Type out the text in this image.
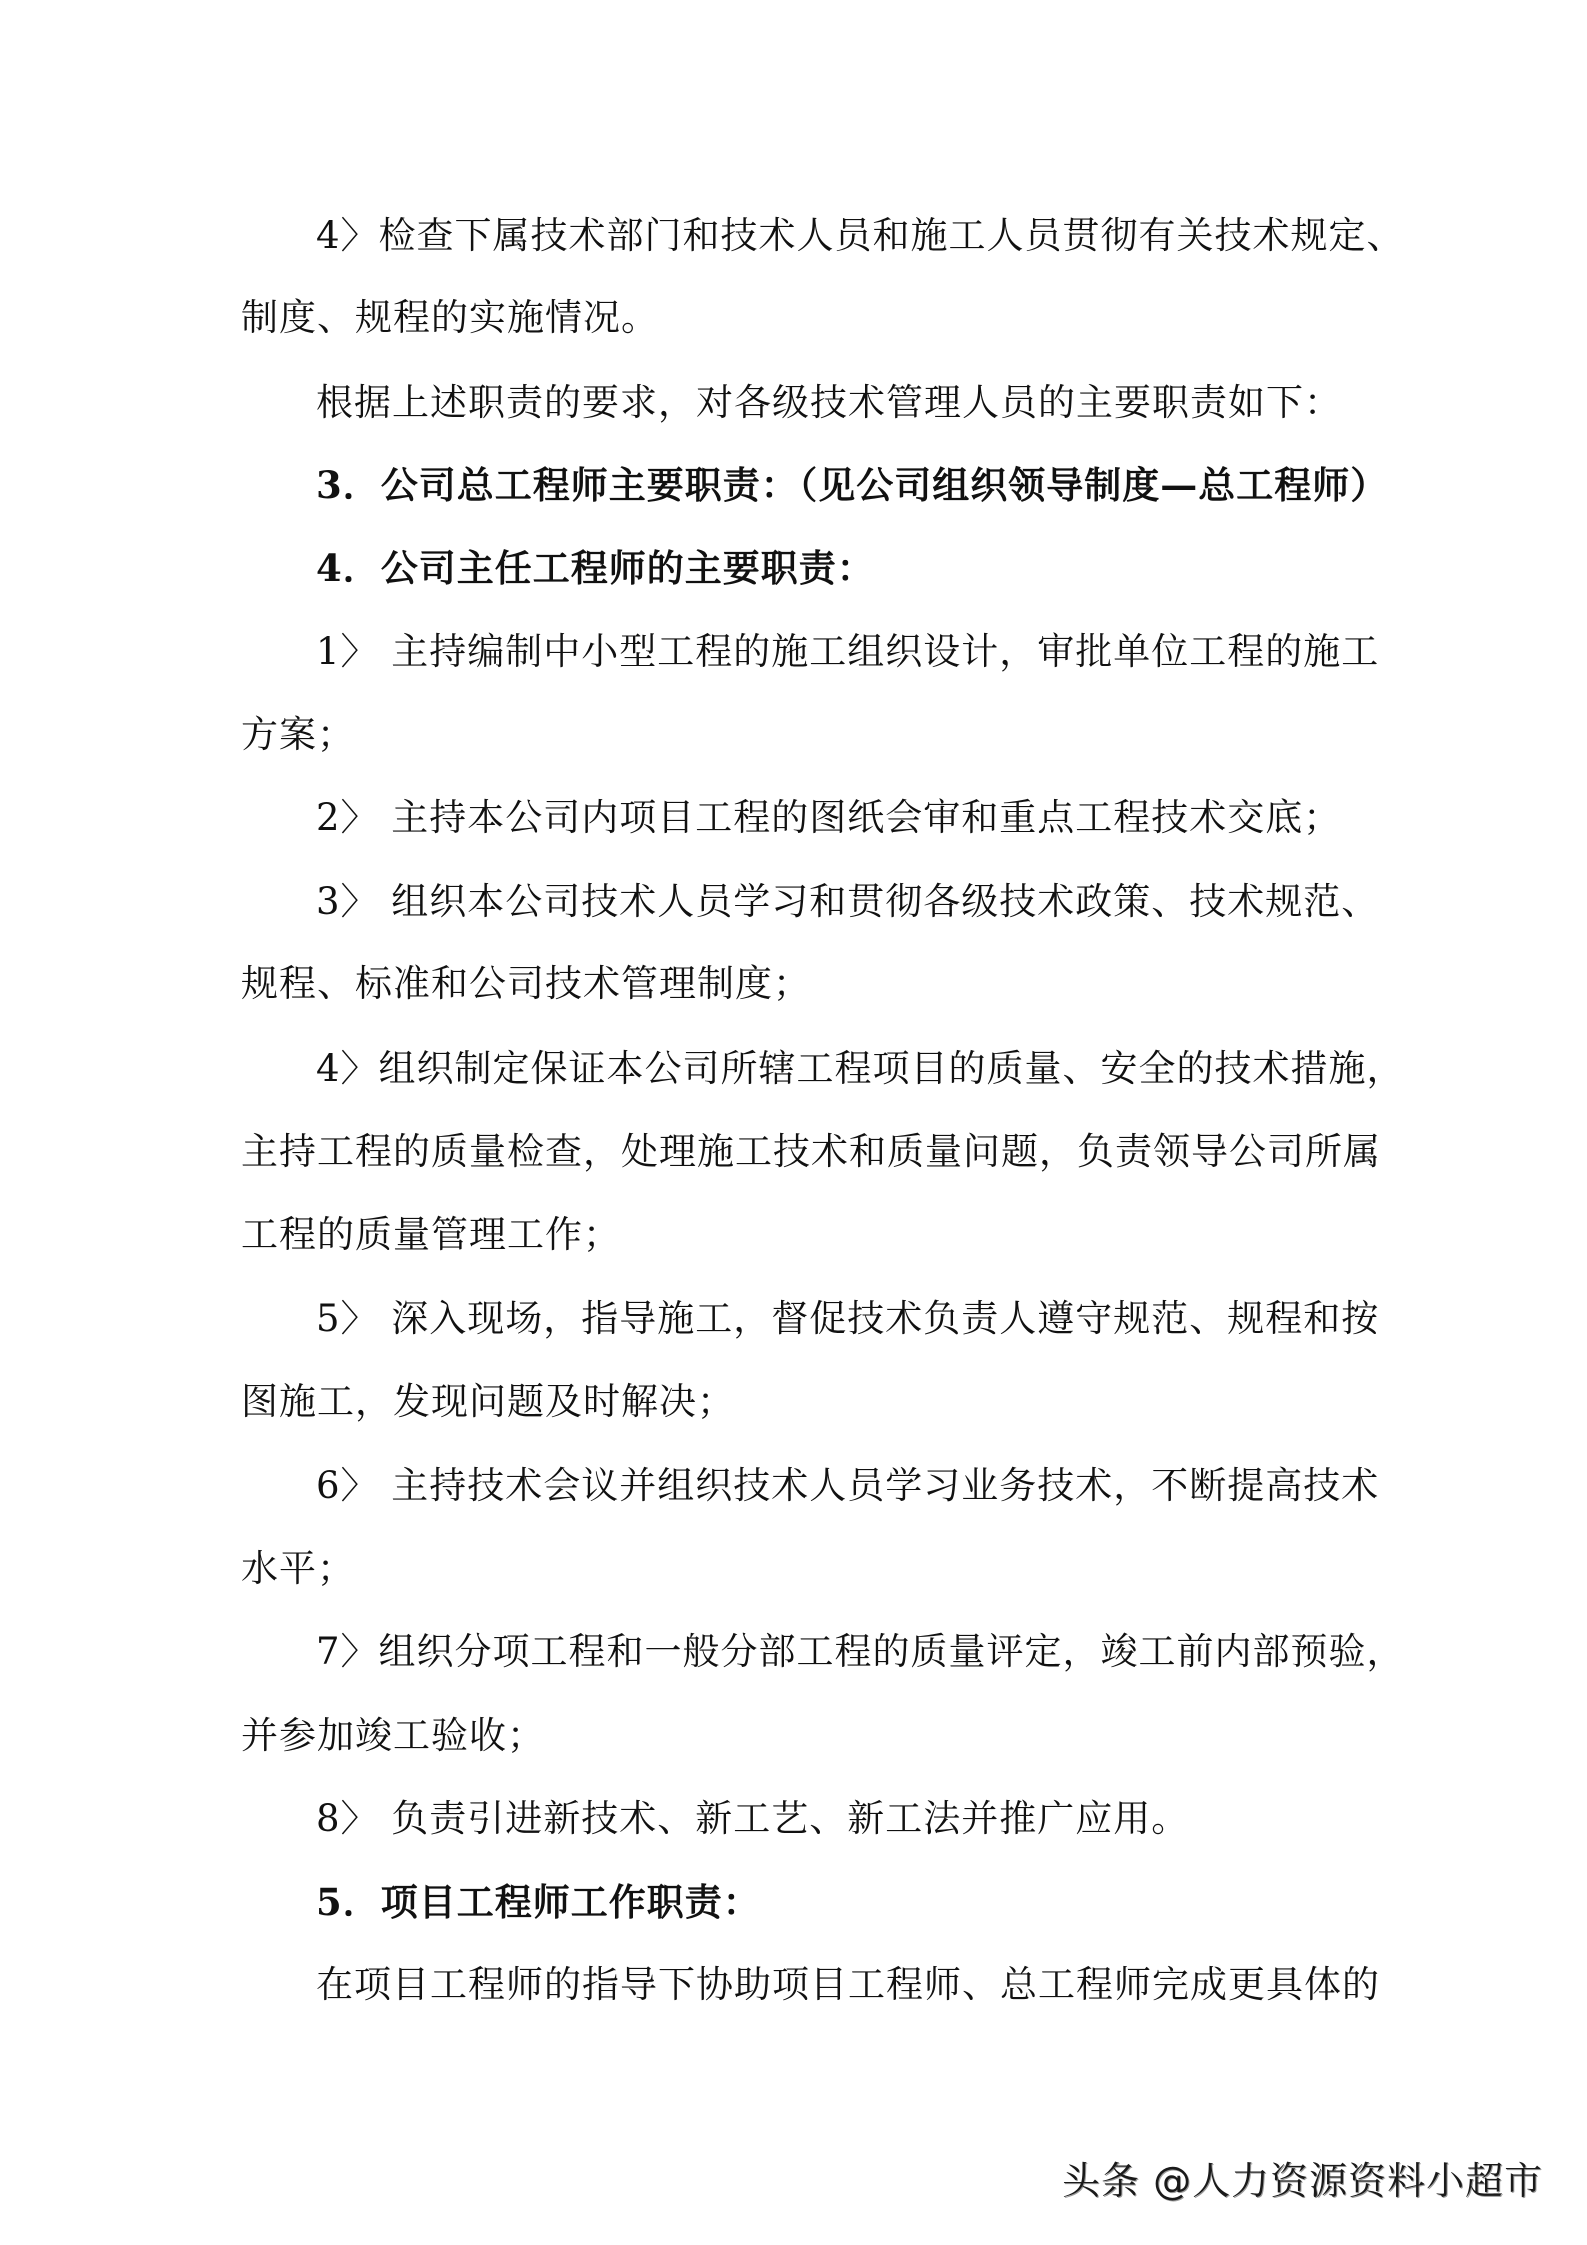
4〉检查下属技术部门和技术人员和施工人员贯彻有关技术规定、
制度、规程的实施情况。
根据上述职责的要求，对各级技术管理人员的主要职责如下：
3．公司总工程师主要职责：（见公司组织领导制度—总工程师）
4．公司主任工程师的主要职责：
1〉 主持编制中小型工程的施工组织设计，审批单位工程的施工
方案；
2〉 主持本公司内项目工程的图纸会审和重点工程技术交底；
3〉 组织本公司技术人员学习和贯彻各级技术政策、技术规范、
规程、标准和公司技术管理制度；
4〉组织制定保证本公司所辖工程项目的质量、安全的技术措施，
主持工程的质量检查，处理施工技术和质量问题，负责领导公司所属
工程的质量管理工作；
5〉 深入现场，指导施工，督促技术负责人遵守规范、规程和按
图施工，发现问题及时解决；
6〉 主持技术会议并组织技术人员学习业务技术，不断提高技术
水平；
7〉组织分项工程和一般分部工程的质量评定，竣工前内部预验，
并参加竣工验收；
8〉 负责引进新技术、新工艺、新工法并推广应用。
5．项目工程师工作职责：
在项目工程师的指导下协助项目工程师、总工程师完成更具体的
头条 @人力资源资料小超市
